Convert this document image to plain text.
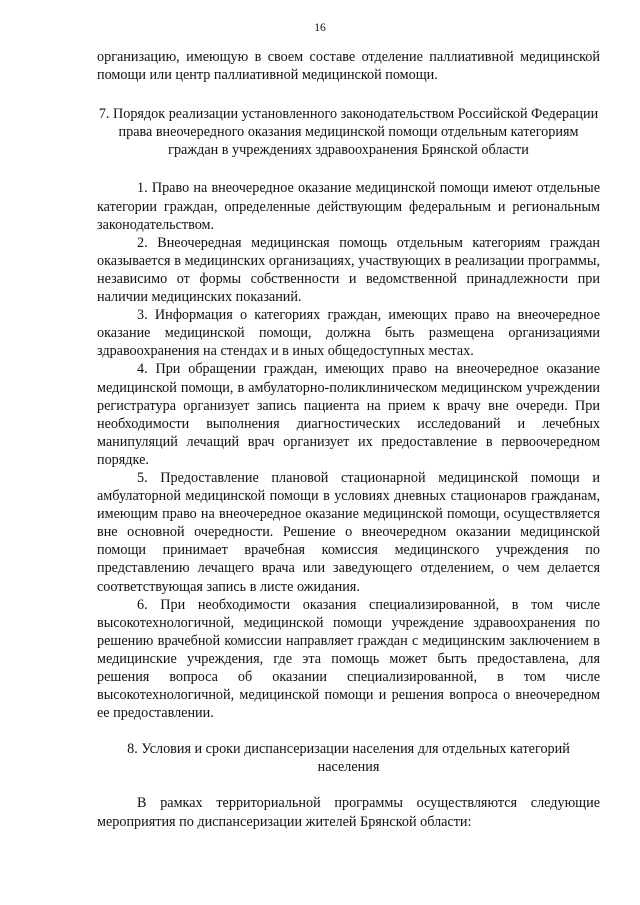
16

организацию, имеющую в своем составе отделение паллиативной медицинской помощи или центр паллиативной медицинской помощи.

7. Порядок реализации установленного законодательством Российской Федерации права внеочередного оказания медицинской помощи отдельным категориям граждан в учреждениях здравоохранения Брянской области

1. Право на внеочередное оказание медицинской помощи имеют отдельные категории граждан, определенные действующим федеральным и региональным законодательством.

2. Внеочередная медицинская помощь отдельным категориям граждан оказывается в медицинских организациях, участвующих в реализации программы, независимо от формы собственности и ведомственной принадлежности при наличии медицинских показаний.

3. Информация о категориях граждан, имеющих право на внеочередное оказание медицинской помощи, должна быть размещена организациями здравоохранения на стендах и в иных общедоступных местах.

4. При обращении граждан, имеющих право на внеочередное оказание медицинской помощи, в амбулаторно-поликлиническом медицинском учреждении регистратура организует запись пациента на прием к врачу вне очереди. При необходимости выполнения диагностических исследований и лечебных манипуляций лечащий врач организует их предоставление в первоочередном порядке.

5. Предоставление плановой стационарной медицинской помощи и амбулаторной медицинской помощи в условиях дневных стационаров гражданам, имеющим право на внеочередное оказание медицинской помощи, осуществляется вне основной очередности. Решение о внеочередном оказании медицинской помощи принимает врачебная комиссия медицинского учреждения по представлению лечащего врача или заведующего отделением, о чем делается соответствующая запись в листе ожидания.

6. При необходимости оказания специализированной, в том числе высокотехнологичной, медицинской помощи учреждение здравоохранения по решению врачебной комиссии направляет граждан с медицинским заключением в медицинские учреждения, где эта помощь может быть предоставлена, для решения вопроса об оказании специализированной, в том числе высокотехнологичной, медицинской помощи и решения вопроса о внеочередном ее предоставлении.

8. Условия и сроки диспансеризации населения для отдельных категорий населения

В рамках территориальной программы осуществляются следующие мероприятия по диспансеризации жителей Брянской области:
